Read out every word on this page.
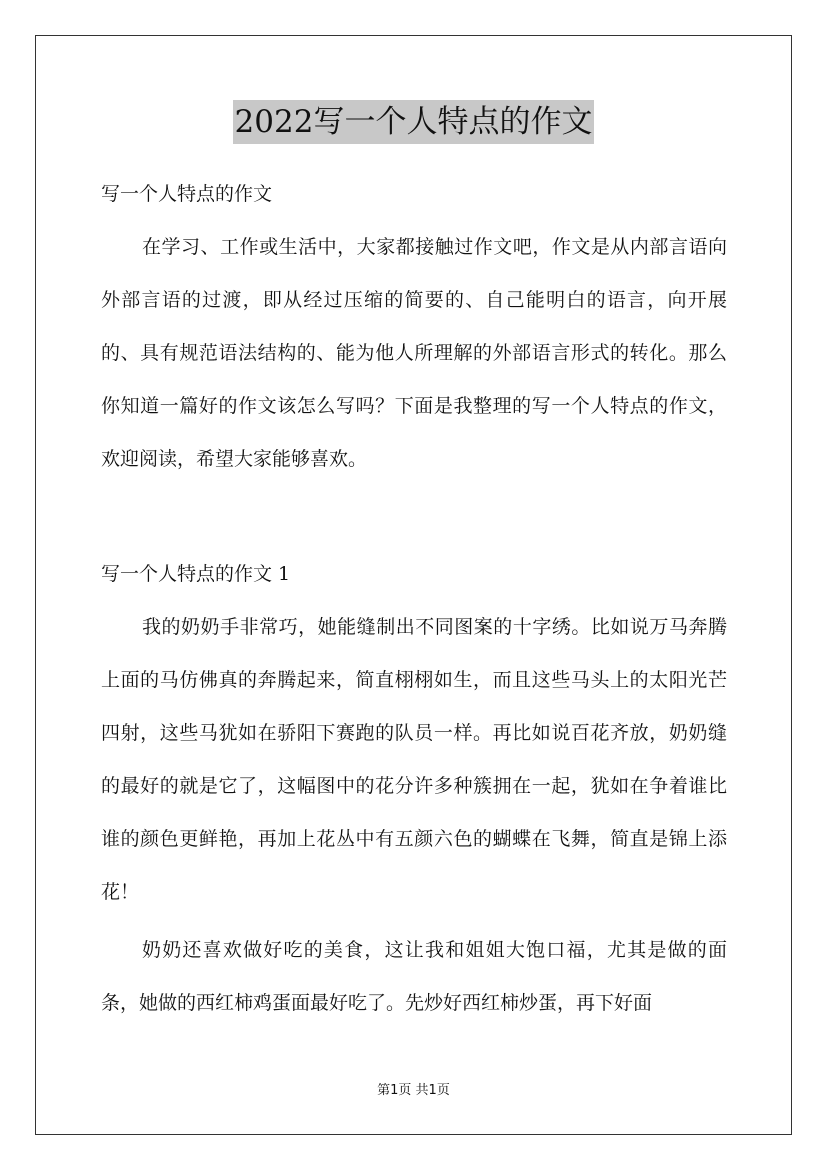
2022写一个人特点的作文
写一个人特点的作文

在学习、工作或生活中，大家都接触过作文吧，作文是从内部言语向外部言语的过渡，即从经过压缩的简要的、自己能明白的语言，向开展的、具有规范语法结构的、能为他人所理解的外部语言形式的转化。那么你知道一篇好的作文该怎么写吗？下面是我整理的写一个人特点的作文，欢迎阅读，希望大家能够喜欢。

写一个人特点的作文 1

我的奶奶手非常巧，她能缝制出不同图案的十字绣。比如说万马奔腾上面的马仿佛真的奔腾起来，简直栩栩如生，而且这些马头上的太阳光芒四射，这些马犹如在骄阳下赛跑的队员一样。再比如说百花齐放，奶奶缝的最好的就是它了，这幅图中的花分许多种簇拥在一起，犹如在争着谁比谁的颜色更鲜艳，再加上花丛中有五颜六色的蝴蝶在飞舞，简直是锦上添花！

奶奶还喜欢做好吃的美食，这让我和姐姐大饱口福，尤其是做的面条，她做的西红柿鸡蛋面最好吃了。先炒好西红柿炒蛋，再下好面

第1页 共1页
